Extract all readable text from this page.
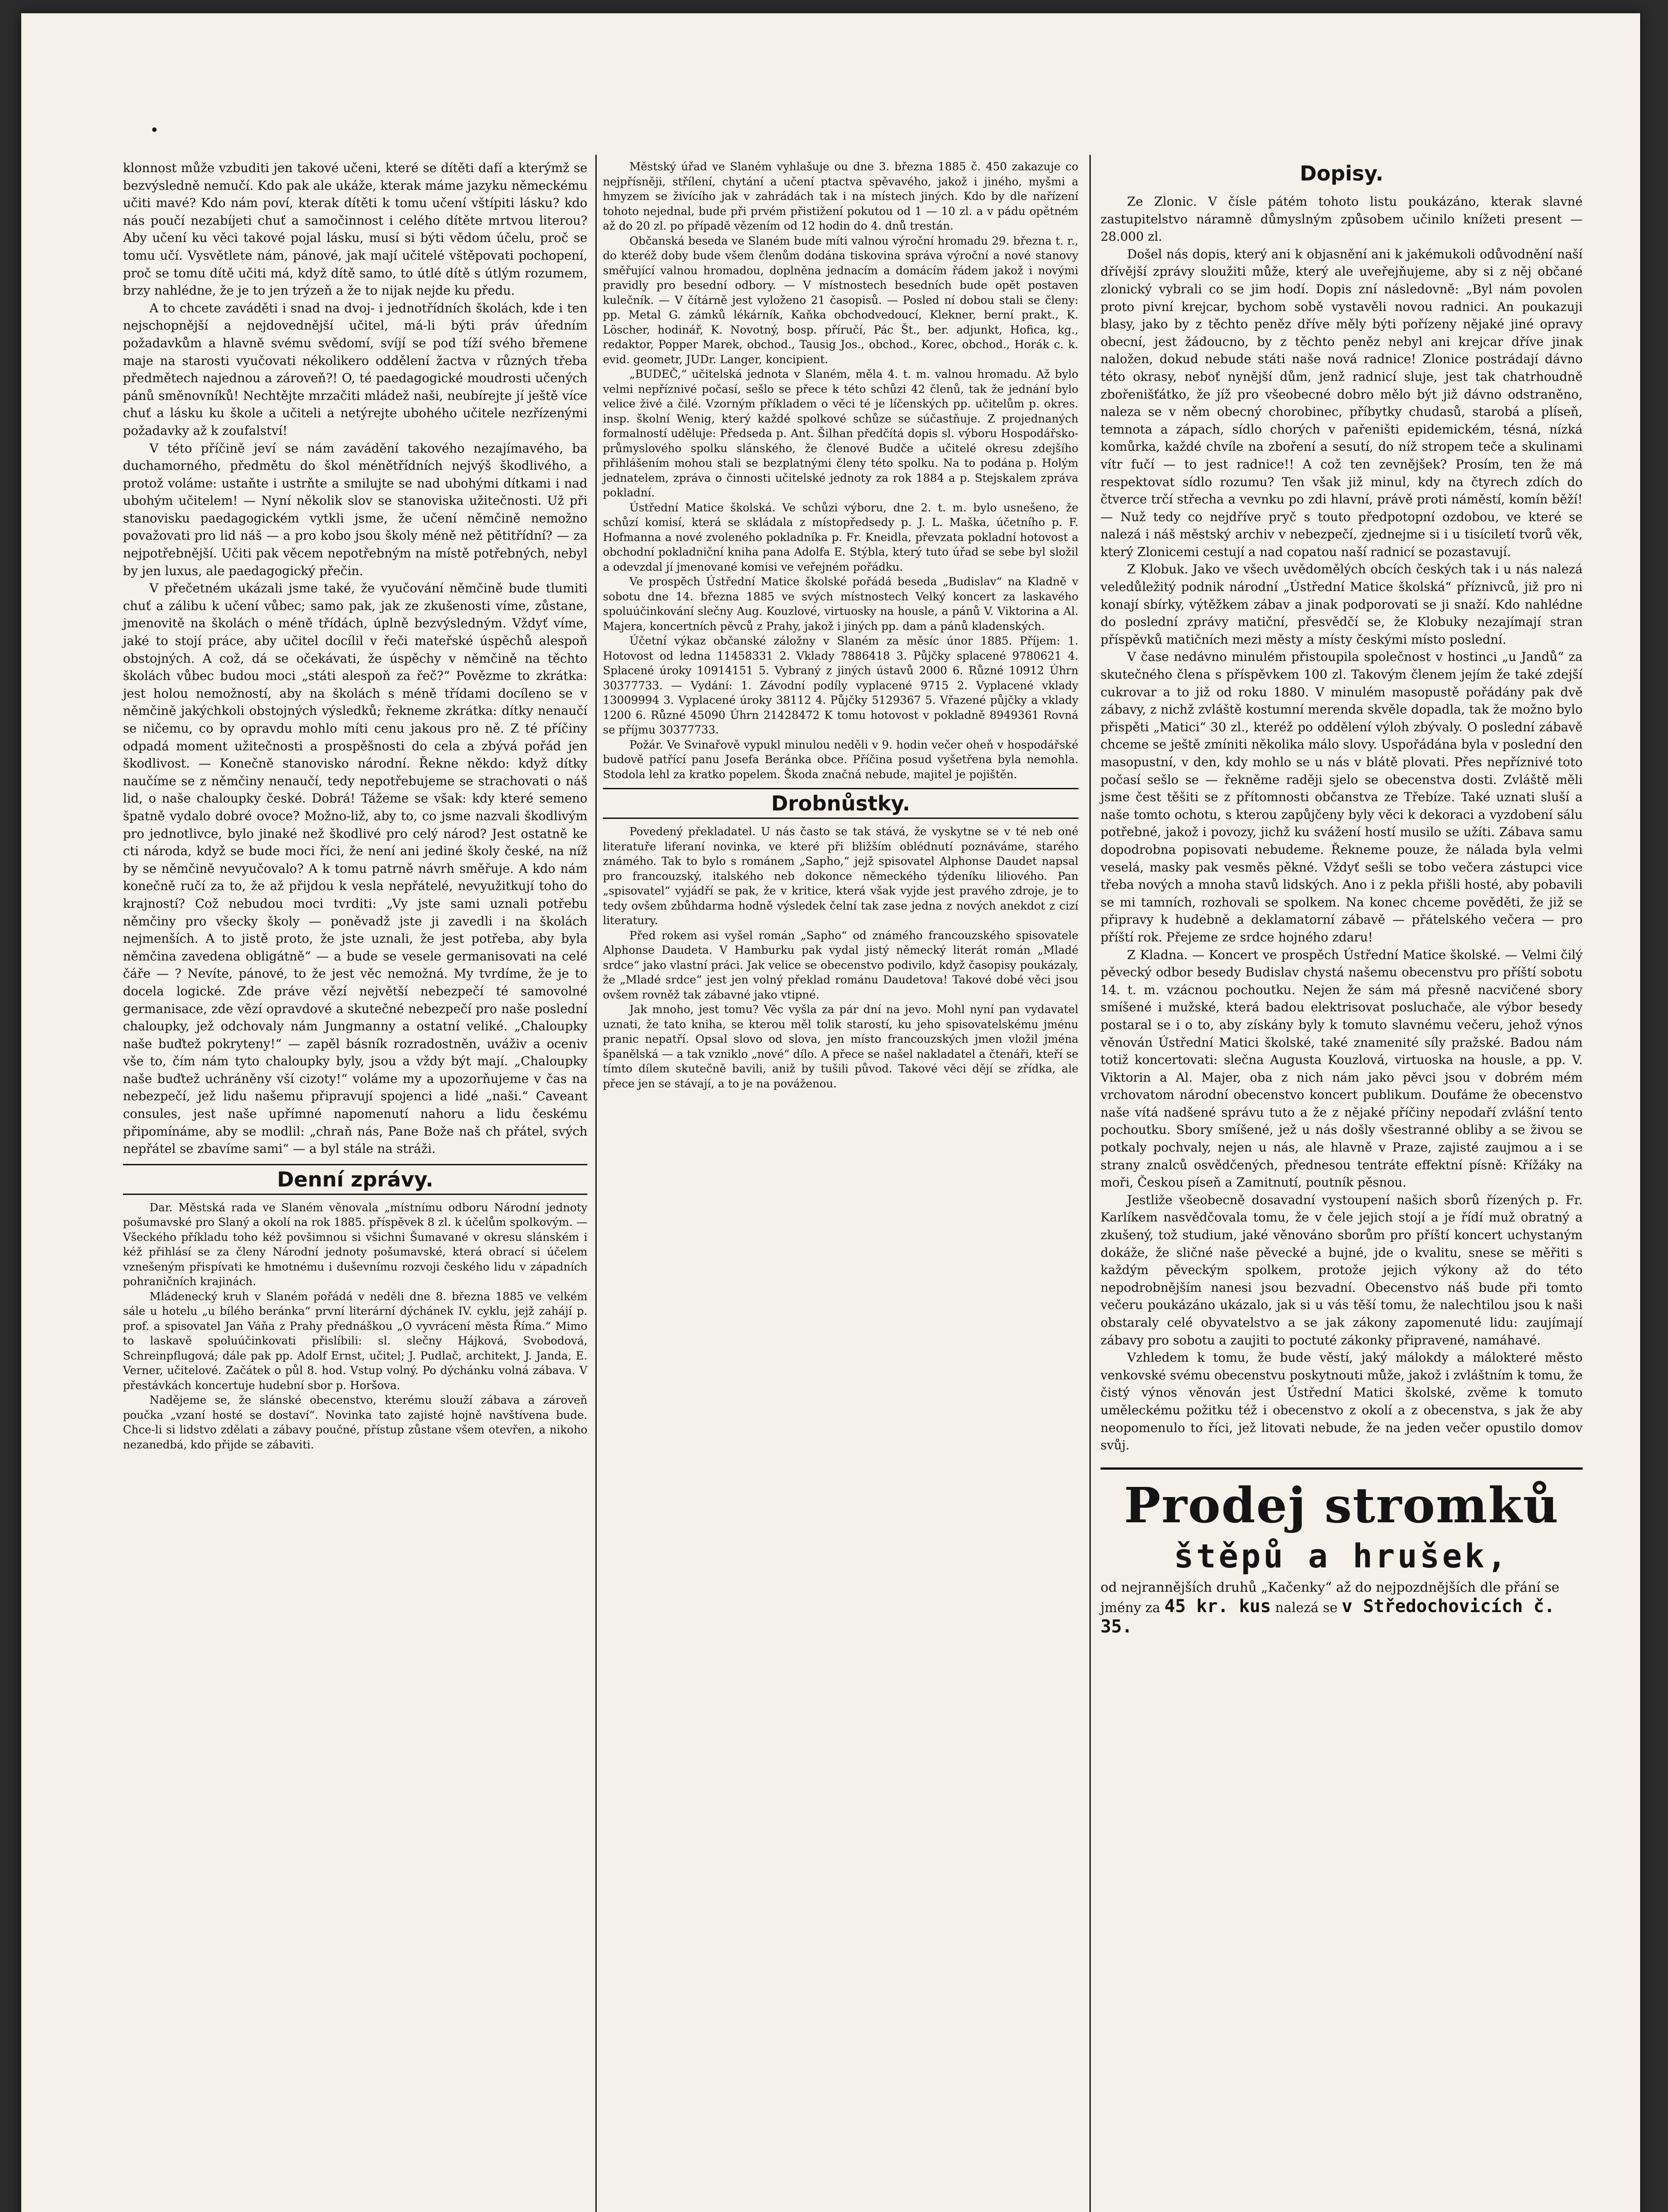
klonnost může vzbuditi jen takové učeni, které se dítěti dafí a kterýmž se bezvýsledně nemučí. Kdo pak ale ukáže, kterak máme jazyku německému učiti mavé? Kdo nám poví, kterak dítěti k tomu učení vštípiti lásku? kdo nás poučí nezabíjeti chuť a samočinnost i celého dítěte mrtvou literou? Aby učení ku věci takové pojal lásku, musí si býti vědom účelu, proč se tomu učí. Vysvětlete nám, pánové, jak mají učitelé vštěpovati pochopení, proč se tomu dítě učiti má, když dítě samo, to útlé dítě s útlým rozumem, brzy nahlédne, že je to jen trýzeň a že to nijak nejde ku předu.

A to chcete zaváděti i snad na dvoj- i jednotřídních školách, kde i ten nejschopnější a nejdovednější učitel, má-li býti práv úředním požadavkům a hlavně svému svědomí, svíjí se pod tíží svého břemene maje na starosti vyučovati nékolikero oddělení žactva v různých třeba předmětech najednou a zároveň?! O, té paedagogické moudrosti učených pánů směnovníků! Nechtějte mrzačiti mládež naši, neubírejte jí ještě více chuť a lásku ku škole a učiteli a netýrejte ubohého učitele nezřízenými požadavky až k zoufalství!

V této příčině jeví se nám zavádění takového nezajímavého, ba duchamorného, předmětu do škol ménětřídních nejvýš škodlivého, a protož voláme: ustaňte i ustrňte a smilujte se nad ubohými dítkami i nad ubohým učitelem! — Nyní několik slov se stanoviska užitečnosti. Už při stanovisku paedagogickém vytkli jsme, že učení němčině nemožno považovati pro lid náš — a pro kobo jsou školy méně než pětitřídní? — za nejpotřebnější. Učiti pak věcem nepotřebným na místě potřebných, nebyl by jen luxus, ale paedagogický přečin.

V přečetném ukázali jsme také, že vyučování němčině bude tlumiti chuť a zálibu k učení vůbec; samo pak, jak ze zkušenosti víme, zůstane, jmenovitě na školách o méně třídách, úplně bezvýsledným. Vždyť víme, jaké to stojí práce, aby učitel docílil v řeči mateřské úspěchů alespoň obstojných. A což, dá se očekávati, že úspěchy v němčině na těchto školách vůbec budou moci „státi alespoň za řeč?“ Povězme to zkrátka: jest holou nemožností, aby na školách s méně třídami docíleno se v němčině jakýchkoli obstojných výsledků; řekneme zkrátka: dítky nenaučí se ničemu, co by opravdu mohlo míti cenu jakous pro ně. Z té příčiny odpadá moment užitečnosti a prospěšnosti do cela a zbývá pořád jen škodlivost. — Konečně stanovisko národní. Řekne někdo: když dítky naučíme se z němčiny nenaučí, tedy nepotřebujeme se strachovati o náš lid, o naše chaloupky české. Dobrá! Tážeme se však: kdy které semeno špatně vydalo dobré ovoce? Možno-liž, aby to, co jsme nazvali škodlivým pro jednotlivce, bylo jinaké než škodlivé pro celý národ? Jest ostatně ke cti národa, když se bude moci říci, že není ani jediné školy české, na níž by se němčině nevyučovalo? A k tomu patrně návrh směřuje. A kdo nám konečně ručí za to, že až přijdou k vesla nepřátelé, nevyužitkují toho do krajností? Což nebudou moci tvrditi: „Vy jste sami uznali potřebu němčiny pro všecky školy — poněvadž jste ji zavedli i na školách nejmenších. A to jistě proto, že jste uznali, že jest potřeba, aby byla němčina zavedena obligátně“ — a bude se vesele germanisovati na celé čáře — ? Nevíte, pánové, to že jest věc nemožná. My tvrdíme, že je to docela logické. Zde práve vězí největší nebezpečí té samovolné germanisace, zde vězí opravdové a skutečné nebezpečí pro naše poslední chaloupky, jež odchovaly nám Jungmanny a ostatní veliké. „Chaloupky naše buďtež pokryteny!“ — zapěl básník rozradostněn, uváživ a oceniv vše to, čím nám tyto chaloupky byly, jsou a vždy být mají. „Chaloupky naše buďtež uchráněny vší cizoty!“ voláme my a upozorňujeme v čas na nebezpečí, jež lidu našemu připravují spojenci a lidé „naši.“ Caveant consules, jest naše upřímné napomenutí nahoru a lidu českému připomínáme, aby se modlil: „chraň nás, Pane Bože naš ch přátel, svých nepřátel se zbavíme sami“ — a byl stále na stráži.

Denní zprávy.

Dar. Městská rada ve Slaném věnovala „místnímu odboru Národní jednoty pošumavské pro Slaný a okolí na rok 1885. příspěvek 8 zl. k účelům spolkovým. — Všeckého příkladu toho kéž povšimnou si všichni Šumavané v okresu slánském i kéž přihlásí se za členy Národní jednoty pošumavské, která obrací si účelem vznešeným přispívati ke hmotnému i duševnímu rozvoji českého lidu v západních pohraničních krajinách.

Mládenecký kruh v Slaném pořádá v neděli dne 8. března 1885 ve velkém sále u hotelu „u bílého beránka“ první literární dýchánek IV. cyklu, jejž zahájí p. prof. a spisovatel Jan Váňa z Prahy přednáškou „O vyvrácení města Říma.“ Mimo to laskavě spoluúčinkovati přislíbili: sl. slečny Hájková, Svobodová, Schreinpflugová; dále pak pp. Adolf Ernst, učitel; J. Pudlač, architekt, J. Janda, E. Verner, učitelové. Začátek o půl 8. hod. Vstup volný. Po dýchánku volná zábava. V přestávkách koncertuje hudební sbor p. Horšova.

Nadějeme se, že slánské obecenstvo, kterému slouží zábava a zároveň poučka „vzaní hosté se dostaví“. Novinka tato zajisté hojně navštívena bude. Chce-li si lidstvo zdělati a zábavy poučné, přístup zůstane všem otevřen, a nikoho nezanedbá, kdo přijde se zábaviti.

Městský úřad ve Slaném vyhlašuje ou dne 3. března 1885 č. 450 zakazuje co nejpřísněji, střílení, chytání a učení ptactva spěvavého, jakož i jiného, myšmi a hmyzem se živícího jak v zahrádách tak i na místech jiných. Kdo by dle nařízení tohoto nejednal, bude při prvém přistižení pokutou od 1 — 10 zl. a v pádu opětném až do 20 zl. po případě vězením od 12 hodin do 4. dnů trestán.

Občanská beseda ve Slaném bude míti valnou výroční hromadu 29. března t. r., do kteréž doby bude všem členům dodána tiskovina správa výroční a nové stanovy směřující valnou hromadou, doplněna jednacím a domácím řádem jakož i novými pravidly pro besední odbory. — V místnostech besedních bude opět postaven kulečník. — V čítárně jest vyloženo 21 časopisů. — Posled ní dobou stali se členy: pp. Metal G. zámků lékárník, Kaňka obchodvedoucí, Klekner, berní prakt., K. Löscher, hodinář, K. Novotný, bosp. příručí, Pác Št., ber. adjunkt, Hofica, kg., redaktor, Popper Marek, obchod., Tausig Jos., obchod., Korec, obchod., Horák c. k. evid. geometr, JUDr. Langer, koncipient.

„BUDEČ,“ učitelská jednota v Slaném, měla 4. t. m. valnou hromadu. Až bylo velmi nepříznivé počasí, sešlo se přece k této schůzi 42 členů, tak že jednání bylo velice živé a čilé. Vzorným příkladem o věci té je líčenských pp. učitelům p. okres. insp. školní Wenig, který každé spolkové schůze se súčastňuje. Z projednaných formalností uděluje: Předseda p. Ant. Šilhan předčítá dopis sl. výboru Hospodářsko-průmyslového spolku slánského, že členové Budče a učitelé okresu zdejšího přihlášením mohou stali se bezplatnými členy této spolku. Na to podána p. Holým jednatelem, zpráva o činnosti učitelské jednoty za rok 1884 a p. Stejskalem zpráva pokladní.

Ústřední Matice školská. Ve schůzi výboru, dne 2. t. m. bylo usnešeno, že schůzí komisí, která se skládala z místopředsedy p. J. L. Maška, účetního p. F. Hofmanna a nové zvoleného pokladníka p. Fr. Kneidla, převzata pokladní hotovost a obchodní pokladniční kniha pana Adolfa E. Stýbla, který tuto úřad se sebe byl složil a odevzdal jí jmenované komisi ve veřejném pořádku.

Ve prospěch Ústřední Matice školské pořádá beseda „Budislav“ na Kladně v sobotu dne 14. března 1885 ve svých místnostech Velký koncert za laskavého spoluúčinkování slečny Aug. Kouzlové, virtuosky na housle, a pánů V. Viktorina a Al. Majera, koncertních pěvců z Prahy, jakož i jiných pp. dam a pánů kladenských.

Účetní výkaz občanské záložny v Slaném za měsíc únor 1885. Příjem: 1. Hotovost od ledna 11458331 2. Vklady 7886418 3. Půjčky splacené 9780621 4. Splacené úroky 10914151 5. Vybraný z jiných ústavů 2000 6. Různé 10912 Úhrn 30377733. — Vydání: 1. Závodní podíly vyplacené 9715 2. Vyplacené vklady 13009994 3. Vyplacené úroky 38112 4. Půjčky 5129367 5. Vřazené půjčky a vklady 1200 6. Různé 45090 Úhrn 21428472 K tomu hotovost v pokladně 8949361 Rovná se příjmu 30377733.

Požár. Ve Svinařově vypukl minulou neděli v 9. hodin večer oheň v hospodářské budově patřící panu Josefa Beránka obce. Příčina posud vyšetřena byla nemohla. Stodola lehl za kratko popelem. Škoda značná nebude, majitel je pojištěn.

Drobnůstky.

Povedený překladatel. U nás často se tak stává, že vyskytne se v té neb oné literatuře liferaní novinka, ve které při bližším oblédnutí poznáváme, starého známého. Tak to bylo s románem „Sapho,“ jejž spisovatel Alphonse Daudet napsal pro francouzský, italského neb dokonce německého týdeníku liliového. Pan „spisovatel“ vyjádří se pak, že v kritice, která však vyjde jest pravého zdroje, je to tedy ovšem zbůhdarma hodně výsledek čelní tak zase jedna z nových anekdot z cizí literatury.

Před rokem asi vyšel román „Sapho“ od známého francouzského spisovatele Alphonse Daudeta. V Hamburku pak vydal jistý německý literát román „Mladé srdce“ jako vlastní práci. Jak velice se obecenstvo podivilo, když časopisy poukázaly, že „Mladé srdce“ jest jen volný překlad románu Daudetova! Takové dobé věci jsou ovšem rovněž tak zábavné jako vtipné.

Jak mnoho, jest tomu? Věc vyšla za pár dní na jevo. Mohl nyní pan vydavatel uznati, že tato kniha, se kterou měl tolik starostí, ku jeho spisovatelskému jménu pranic nepatří. Opsal slovo od slova, jen místo francouzských jmen vložil jména španělská — a tak vzniklo „nové“ dílo. A přece se našel nakladatel a čtenáři, kteří se tímto dílem skutečně bavili, aniž by tušili původ. Takové věci dějí se zřídka, ale přece jen se stávají, a to je na pováženou.

Dopisy.

Ze Zlonic. V čísle pátém tohoto listu poukázáno, kterak slavné zastupitelstvo náramně důmyslným způsobem učinilo knížeti present — 28.000 zl.

Došel nás dopis, který ani k objasnění ani k jakémukoli odůvodnění naší dřívější zprávy sloužiti může, který ale uveřejňujeme, aby si z něj občané zlonický vybrali co se jim hodí. Dopis zní následovně: „Byl nám povolen proto pivní krejcar, bychom sobě vystavěli novou radnici. An poukazuji blasy, jako by z těchto peněz dříve měly býti pořízeny nějaké jiné opravy obecní, jest žádoucno, by z těchto peněz nebyl ani krejcar dříve jinak naložen, dokud nebude státi naše nová radnice! Zlonice postrádají dávno této okrasy, neboť nynější dům, jenž radnicí sluje, jest tak chatrhoudně zbořenišťátko, že jíž pro všeobecné dobro mělo být již dávno odstraněno, naleza se v něm obecný chorobinec, příbytky chudasů, starobá a plíseň, temnota a zápach, sídlo chorých v pařeništi epidemickém, tésná, nízká komůrka, každé chvíle na zboření a sesutí, do níž stropem teče a skulinami vítr fučí — to jest radnice!! A což ten zevnějšek? Prosím, ten že má respektovat sídlo rozumu? Ten však již minul, kdy na čtyrech zdích do čtverce trčí střecha a vevnku po zdi hlavní, právě proti náměstí, komín běží! — Nuž tedy co nejdříve pryč s touto předpotopní ozdobou, ve které se nalezá i náš městský archiv v nebezpečí, zjednejme si i u tisíciletí tvorů věk, který Zlonicemi cestují a nad copatou naší radnicí se pozastavují.

Z Klobuk. Jako ve všech uvědomělých obcích českých tak i u nás nalezá veledůležitý podnik národní „Ústřední Matice školská“ příznivců, již pro ni konají sbírky, výtěžkem zábav a jinak podporovati se ji snaží. Kdo nahlédne do poslední zprávy matiční, přesvědčí se, že Klobuky nezajímají stran příspěvků matičních mezi městy a místy českými místo poslední.

V čase nedávno minulém přistoupila společnost v hostinci „u Jandů“ za skutečného člena s příspěvkem 100 zl. Takovým členem jejím že také zdejší cukrovar a to již od roku 1880. V minulém masopustě pořádány pak dvě zábavy, z nichž zvláště kostumní merenda skvěle dopadla, tak že možno bylo přispěti „Matici“ 30 zl., kteréž po oddělení výloh zbývaly. O poslední zábavě chceme se ještě zmíniti několika málo slovy. Uspořádána byla v poslední den masopustní, v den, kdy mohlo se u nás v blátě plovati. Přes nepříznivé toto počasí sešlo se — řekněme raději sjelo se obecenstva dosti. Zvláště měli jsme čest těšiti se z přítomnosti občanstva ze Třebíze. Také uznati sluší a naše tomto ochotu, s kterou zapůjčeny byly věci k dekoraci a vyzdobení sálu potřebné, jakož i povozy, jichž ku svážení hostí musilo se užíti. Zábava samu dopodrobna popisovati nebudeme. Řekneme pouze, že nálada byla velmi veselá, masky pak vesměs pěkné. Vždyť sešli se tobo večera zástupci vice třeba nových a mnoha stavů lidských. Ano i z pekla přišli hosté, aby pobavili se mi tamních, rozhovali se spolkem. Na konec chceme pověděti, že již se připravy k hudebně a deklamatorní zábavě — přátelského večera — pro příští rok. Přejeme ze srdce hojného zdaru!

Z Kladna. — Koncert ve prospěch Ústřední Matice školské. — Velmi čilý pěvecký odbor besedy Budislav chystá našemu obecenstvu pro příští sobotu 14. t. m. vzácnou pochoutku. Nejen že sám má přesně nacvičené sbory smíšené i mužské, která badou elektrisovat posluchače, ale výbor besedy postaral se i o to, aby získány byly k tomuto slavnému večeru, jehož výnos věnován Ústřední Matici školské, také znamenité síly pražské. Badou nám totiž koncertovati: slečna Augusta Kouzlová, virtuoska na housle, a pp. V. Viktorin a Al. Majer, oba z nich nám jako pěvci jsou v dobrém mém vrchovatom národní obecenstvo koncert publikum. Doufáme že obecenstvo naše vítá nadšené správu tuto a že z nějaké příčiny nepodaří zvlášní tento pochoutku. Sbory smíšené, jež u nás došly všestranné obliby a se živou se potkaly pochvaly, nejen u nás, ale hlavně v Praze, zajisté zaujmou a i se strany znalců osvědčených, přednesou tentráte effektní písně: Křížáky na moři, Českou píseň a Zamitnutí, poutník pěsnou.

Jestliže všeobecně dosavadní vystoupení našich sborů řízených p. Fr. Karlíkem nasvědčovala tomu, že v čele jejich stojí a je řídí muž obratný a zkušený, tož studium, jaké věnováno sborům pro příští koncert uchystaným dokáže, že sličné naše pěvecké a bujné, jde o kvalitu, snese se měřiti s každým pěveckým spolkem, protože jejich výkony až do této nepodrobnějším nanesi jsou bezvadní. Obecenstvo náš bude při tomto večeru poukázáno ukázalo, jak si u vás těší tomu, že nalechtilou jsou k naši obstaraly celé obyvatelstvo a se jak zákony zapomenuté lidu: zaujímají zábavy pro sobotu a zaujiti to poctuté zákonky připravené, namáhavé.

Vzhledem k tomu, že bude věstí, jaký málokdy a málokteré město venkovské svému obecenstvu poskytnouti může, jakož i zvláštním k tomu, že čistý výnos věnován jest Ústřední Matici školské, zvěme k tomuto uměleckému požitku též i obecenstvo z okolí a z obecenstva, s jak že aby neopomenulo to říci, jež litovati nebude, že na jeden večer opustilo domov svůj.

Prodej stromků
štěpů a hrušek,
od nejrannějších druhů „Kačenky“ až do nejpozdnějších dle přání se jmény za 45 kr. kus nalezá se v Středochovicích č. 35.
